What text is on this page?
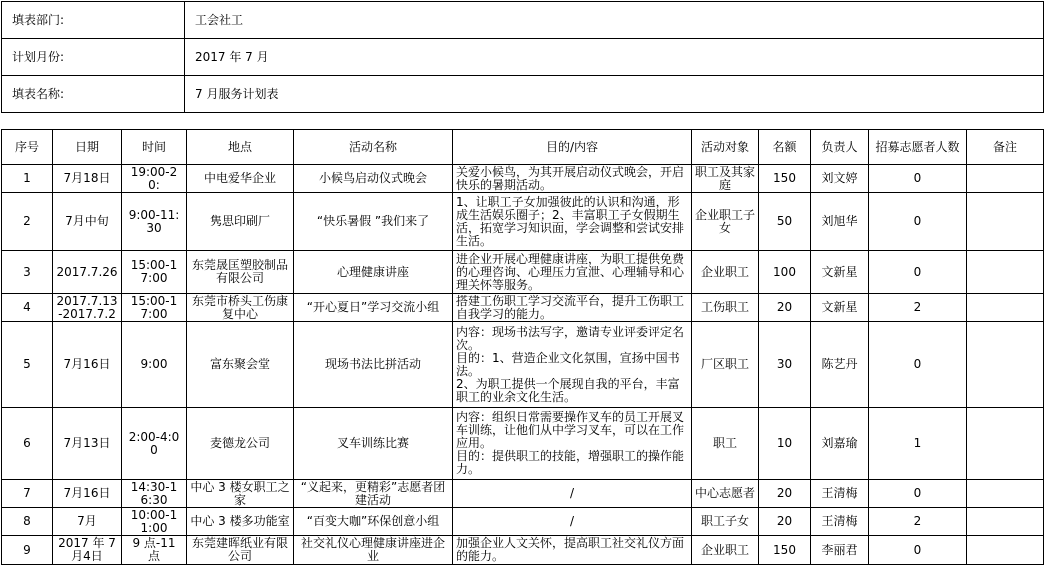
填表部门:	工会社工
计划月份:	2017 年 7 月
填表名称:	7 月服务计划表
序号	日期	时间	地点	活动名称	目的/内容	活动对象	名额	负责人	招募志愿者人数	备注
1	7月18日	19:00-20:	中电爱华企业	小候鸟启动仪式晚会	关爱小候鸟，为其开展启动仪式晚会，开启快乐的暑期活动。	职工及其家庭	150	刘文婷	0	
2	7月中旬	9:00-11:30	隽思印刷厂	“快乐暑假 ”我们来了	1、让职工子女加强彼此的认识和沟通，形成生活娱乐圈子；2、丰富职工子女假期生活，拓宽学习知识面，学会调整和尝试安排生活。	企业职工子女	50	刘旭华	0	
3	2017.7.26	15:00-17:00	东莞晟匡塑胶制品有限公司	心理健康讲座	进企业开展心理健康讲座，为职工提供免费的心理咨询、心理压力宣泄、心理辅导和心理关怀等服务。	企业职工	100	文新星	0	
4	2017.7.13-2017.7.2	15:00-17:00	东莞市桥头工伤康复中心	“开心夏日”学习交流小组	搭建工伤职工学习交流平台，提升工伤职工自我学习的能力。	工伤职工	20	文新星	2	
5	7月16日	9:00	富东聚会堂	现场书法比拼活动	内容：现场书法写字，邀请专业评委评定名次。
目的：1、营造企业文化氛围，宣扬中国书法。
2、为职工提供一个展现自我的平台，丰富职工的业余文化生活。	厂区职工	30	陈艺丹	0	
6	7月13日	2:00-4:00	麦德龙公司	叉车训练比赛	内容：组织日常需要操作叉车的员工开展叉车训练，让他们从中学习叉车，可以在工作应用。
目的：提供职工的技能，增强职工的操作能力。	职工	10	刘嘉瑜	1	
7	7月16日	14:30-16:30	中心 3 楼女职工之家	“义起来，更精彩”志愿者团建活动	/	中心志愿者	20	王清梅	0	
8	7月	10:00-11:00	中心 3 楼多功能室	“百变大咖”环保创意小组	/	职工子女	20	王清梅	2	
9	2017 年 7 月4日	9 点-11 点	东莞建晖纸业有限公司	社交礼仪心理健康讲座进企业	加强企业人文关怀，提高职工社交礼仪方面的能力。	企业职工	150	李丽君	0	
